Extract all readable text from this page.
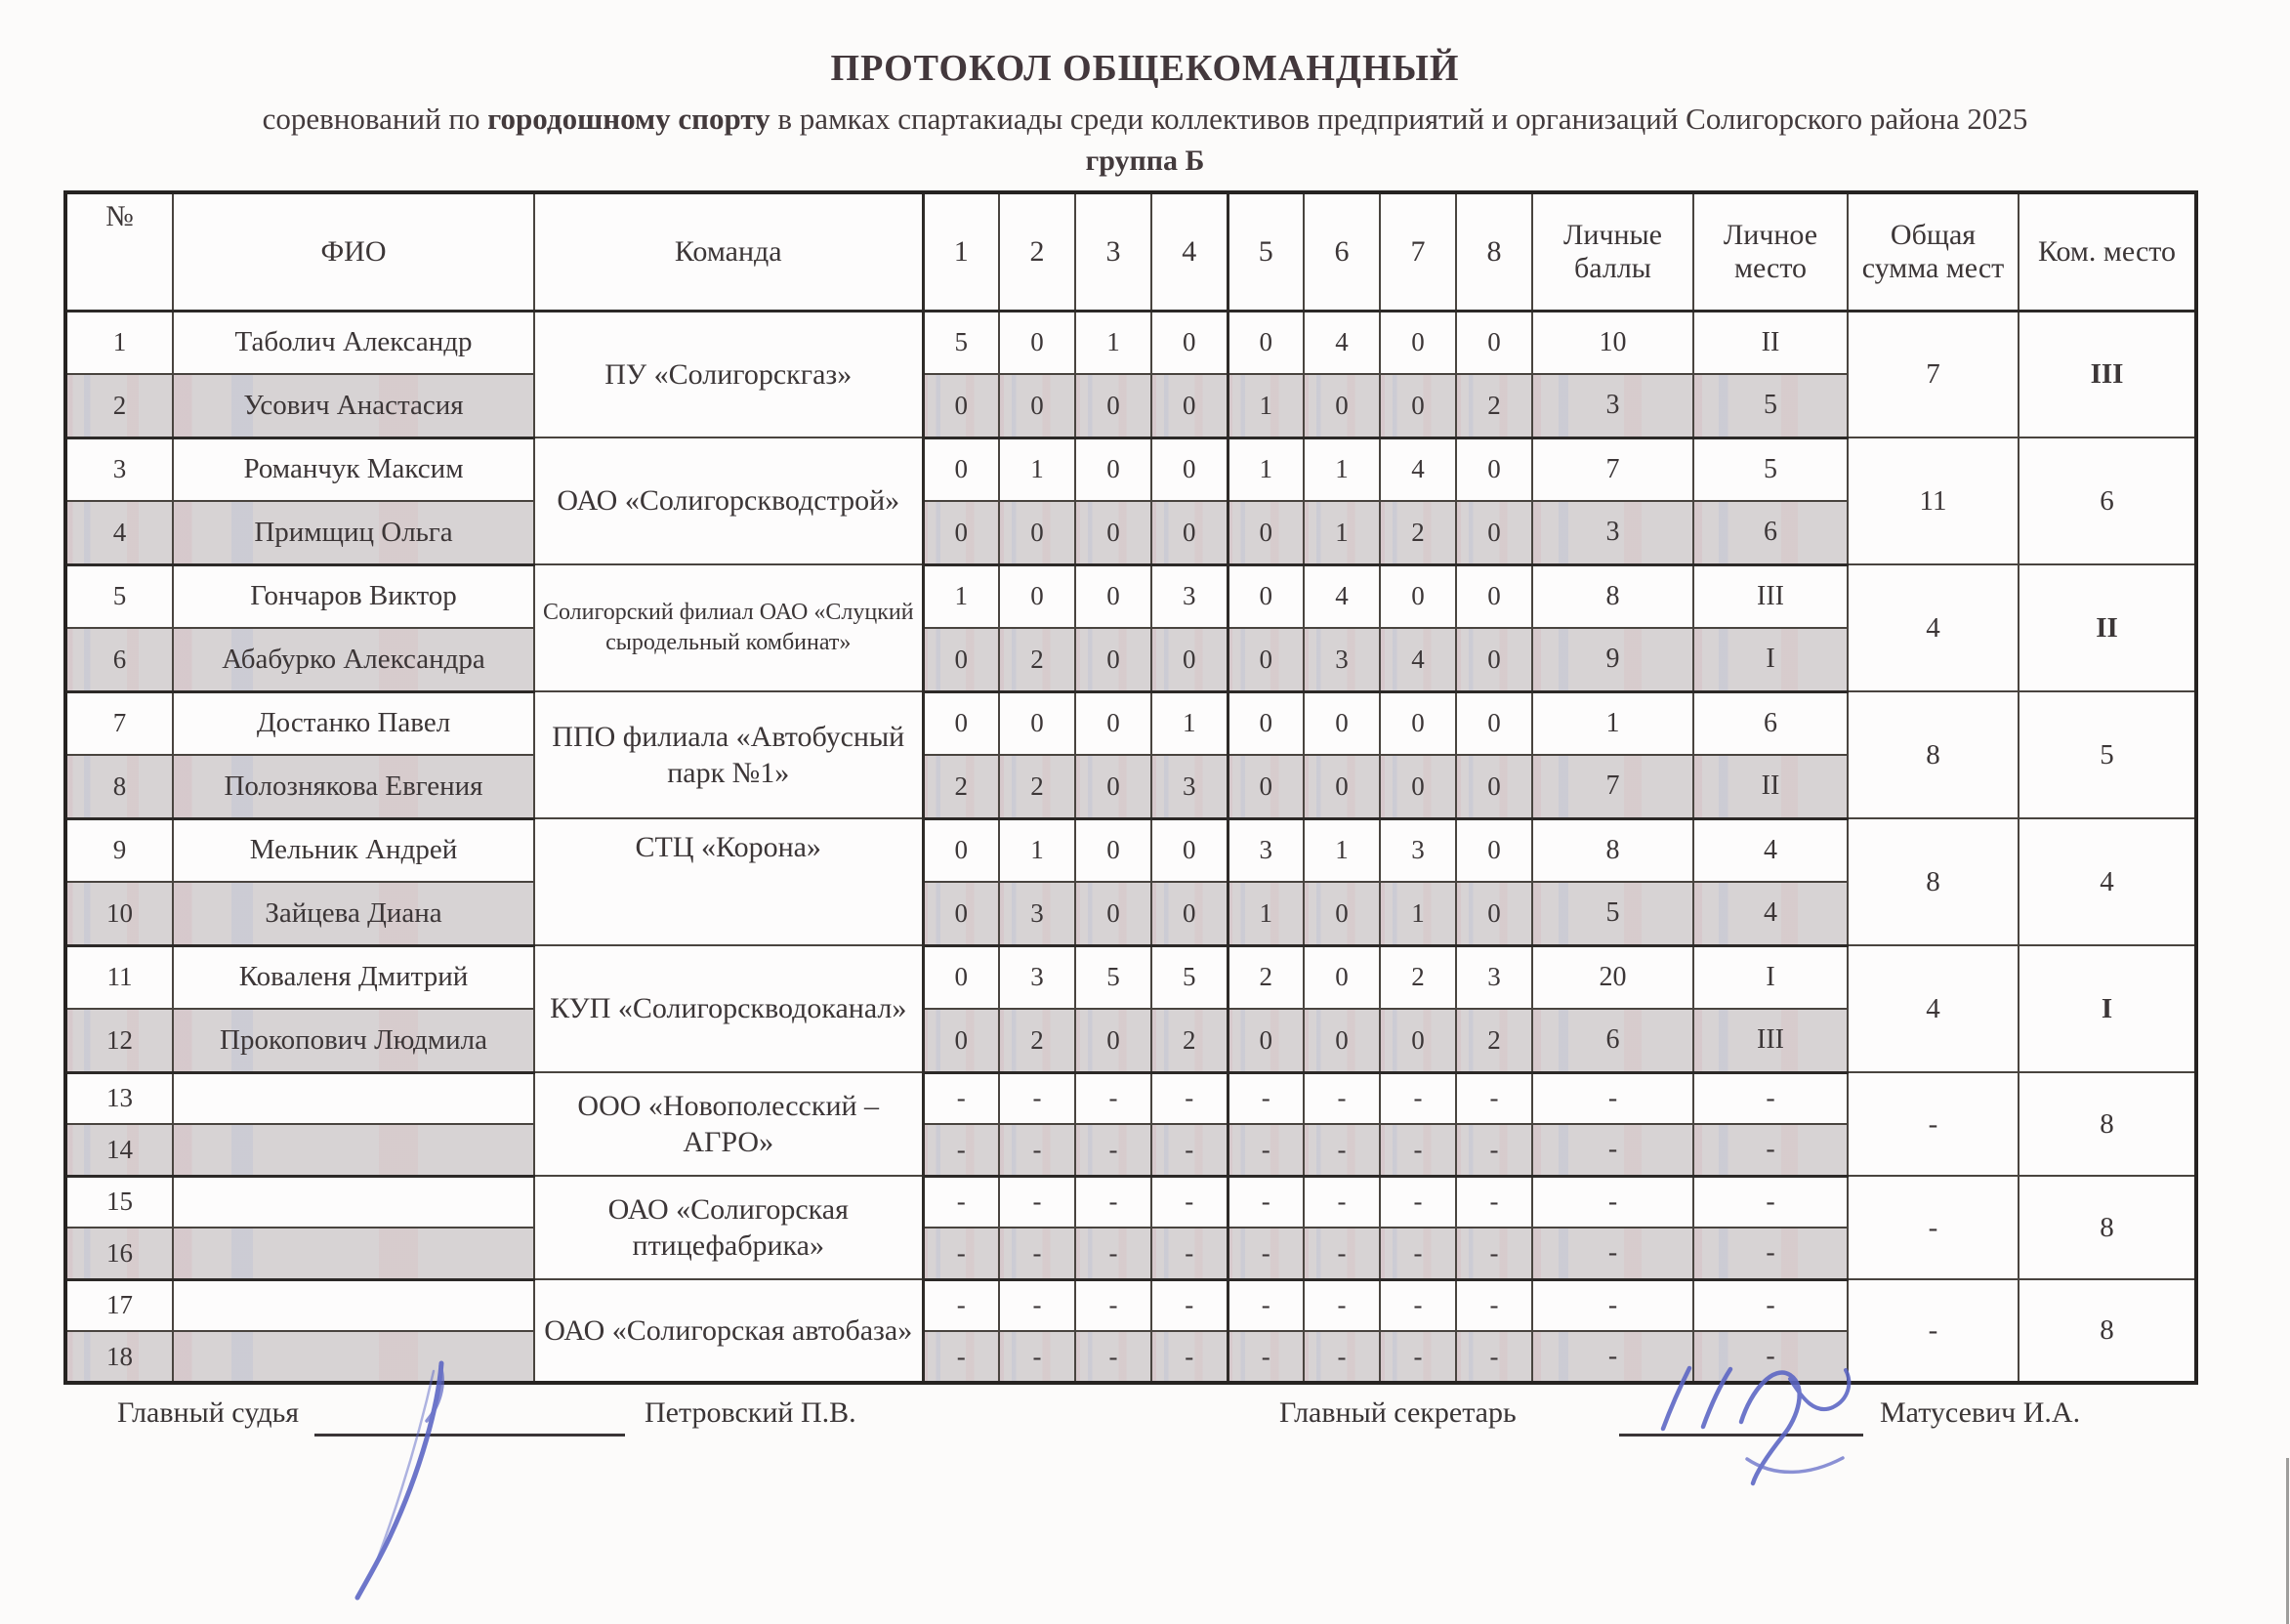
ПРОТОКОЛ ОБЩЕКОМАНДНЫЙ
соревнований по городошному спорту в рамках спартакиады среди коллективов предприятий и организаций Солигорского района 2025
группа Б
№	ФИО	Команда	1	2	3	4	5	6	7	8	Личные баллы	Личное место	Общая сумма мест	Ком. место
1	Таболич Александр	ПУ «Солигорскгаз»	5	0	1	0	0	4	0	0	10	II	7	III
2	Усович Анастасия		0	0	0	0	1	0	0	2	3	5		
3	Романчук Максим	ОАО «Солигорскводстрой»	0	1	0	0	1	1	4	0	7	5	11	6
4	Примщиц Ольга		0	0	0	0	0	1	2	0	3	6		
5	Гончаров Виктор	Солигорский филиал ОАО «Слуцкий сыродельный комбинат»	1	0	0	3	0	4	0	0	8	III	4	II
6	Абабурко Александра		0	2	0	0	0	3	4	0	9	I		
7	Достанко Павел	ППО филиала «Автобусный парк №1»	0	0	0	1	0	0	0	0	1	6	8	5
8	Полознякова Евгения		2	2	0	3	0	0	0	0	7	II		
9	Мельник Андрей	СТЦ «Корона»	0	1	0	0	3	1	3	0	8	4	8	4
10	Зайцева Диана		0	3	0	0	1	0	1	0	5	4		
11	Коваленя Дмитрий	КУП «Солигорскводоканал»	0	3	5	5	2	0	2	3	20	I	4	I
12	Прокопович Людмила		0	2	0	2	0	0	0	2	6	III		
13		ООО «Новополесский – АГРО»	-	-	-	-	-	-	-	-	-	-	-	8
14			-	-	-	-	-	-	-	-	-	-		
15		ОАО «Солигорская птицефабрика»	-	-	-	-	-	-	-	-	-	-	-	8
16			-	-	-	-	-	-	-	-	-	-		
17		ОАО «Солигорская автобаза»	-	-	-	-	-	-	-	-	-	-	-	8
18			-	-	-	-	-	-	-	-	-	-		
Главный судья	Петровский П.В.	Главный секретарь	Матусевич И.А.
